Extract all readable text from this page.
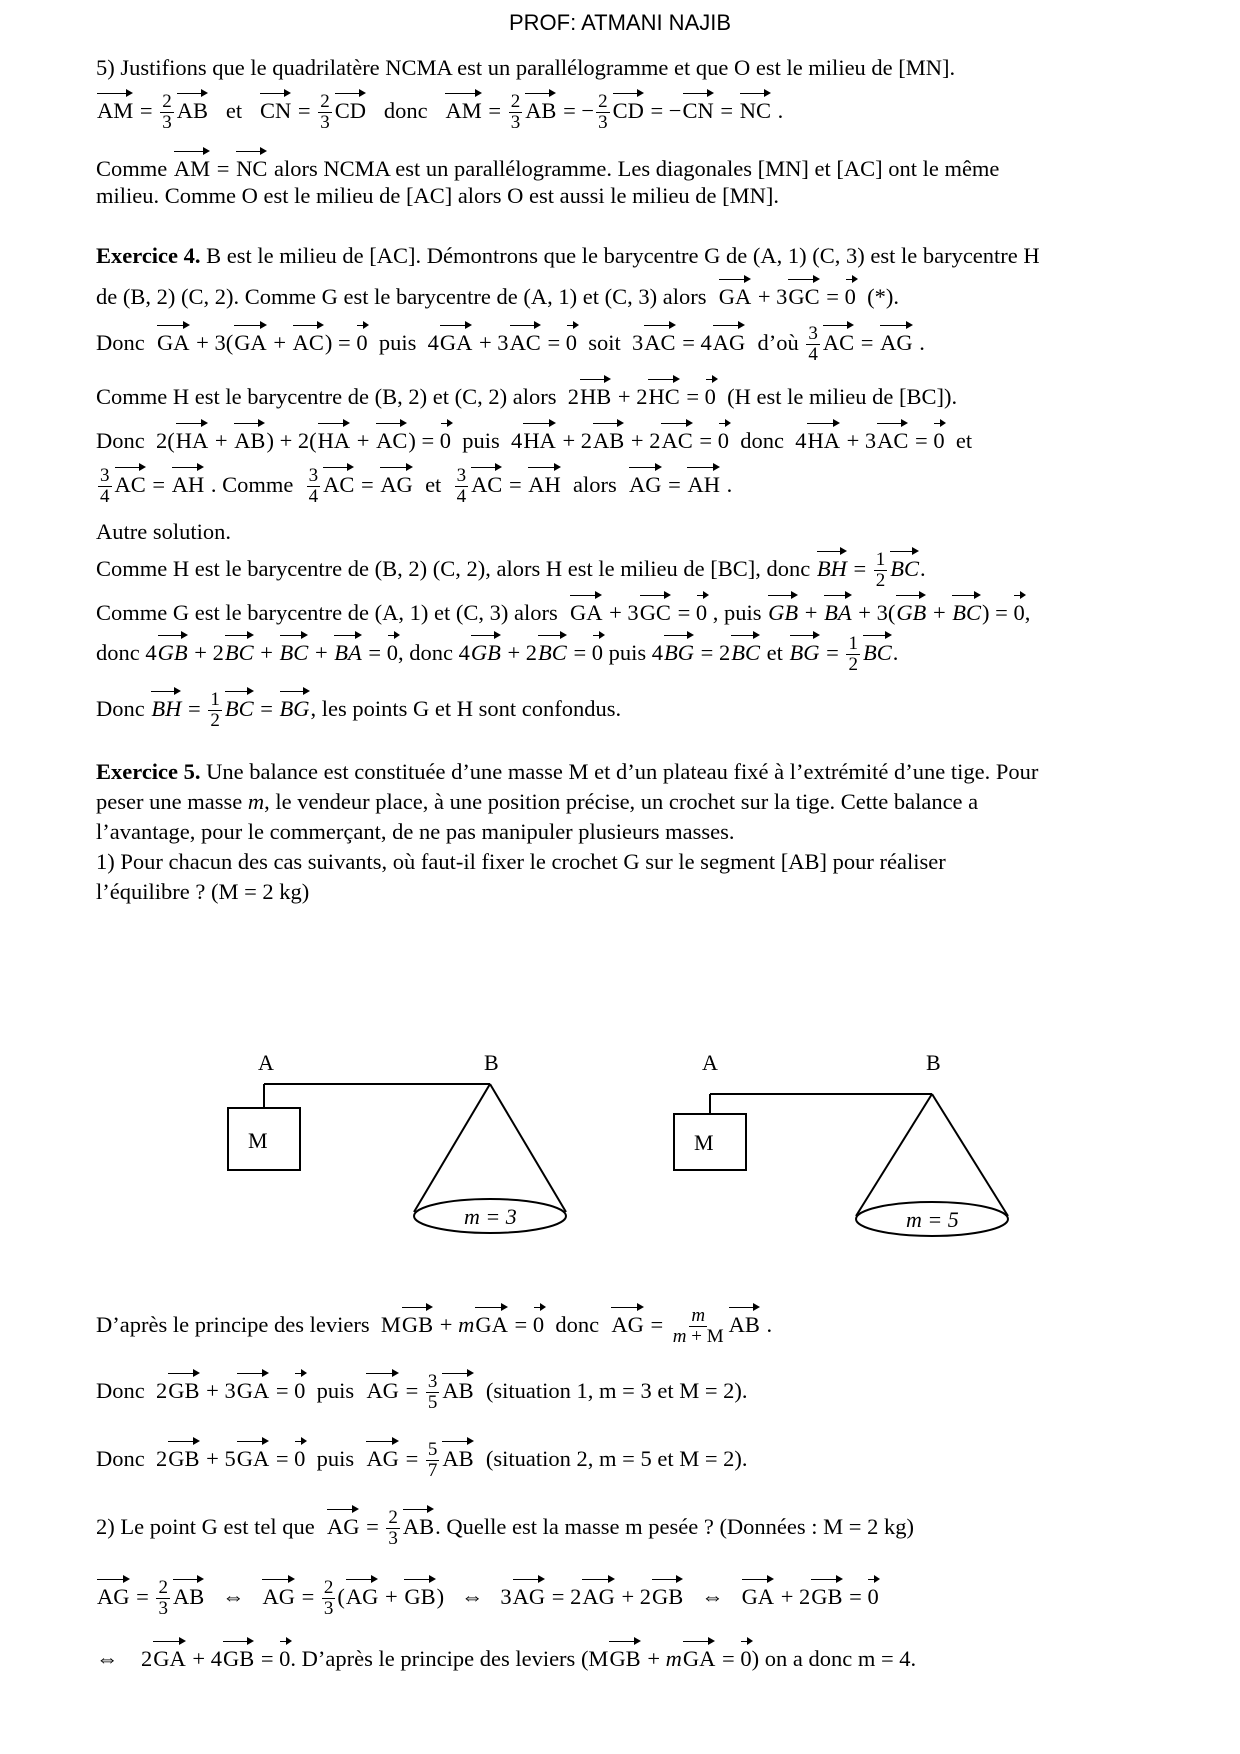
PROF: ATMANI NAJIB
5) Justifions que le quadrilatère NCMA est un parallélogramme et que O est le milieu de [MN].
AM = $\frac{2}{3}$ AB   et   CN = $\frac{2}{3}$ CD   donc   AM = $\frac{2}{3}$ AB = − $\frac{2}{3}$ CD = −CN = NC .
Comme AM = NC alors NCMA est un parallélogramme. Les diagonales [MN] et [AC] ont le même
milieu. Comme O est le milieu de [AC] alors O est aussi le milieu de [MN].
Exercice 4. B est le milieu de [AC]. Démontrons que le barycentre G de (A, 1) (C, 3) est le barycentre H
de (B, 2) (C, 2). Comme G est le barycentre de (A, 1) et (C, 3) alors GA + 3GC = 0 (*).
Donc  GA + 3(GA + AC) = 0  puis  4GA + 3AC = 0  soit  3AC = 4AG  d’où $\frac{3}{4}$ AC = AG .
Comme H est le barycentre de (B, 2) et (C, 2) alors  2HB + 2HC = 0 (H est le milieu de [BC]).
Donc  2(HA + AB) + 2(HA + AC) = 0  puis  4HA + 2AB + 2AC = 0  donc  4HA + 3AC = 0  et
$\frac{3}{4}$ AC = AH . Comme $\frac{3}{4}$ AC = AG  et $\frac{3}{4}$ AC = AH  alors  AG = AH .
Autre solution.
Comme H est le barycentre de (B, 2) (C, 2), alors H est le milieu de [BC], donc BH = $\frac{1}{2}$ BC.
Comme G est le barycentre de (A, 1) et (C, 3) alors GA + 3GC = 0 , puis GB + BA + 3(GB + BC) = 0,
donc 4GB + 2BC + BC + BA = 0, donc 4GB + 2BC = 0 puis 4BG = 2BC et BG = $\frac{1}{2}$ BC.
Donc BH = $\frac{1}{2}$ BC = BG, les points G et H sont confondus.
Exercice 5. Une balance est constituée d’une masse M et d’un plateau fixé à l’extrémité d’une tige. Pour
peser une masse m, le vendeur place, à une position précise, un crochet sur la tige. Cette balance a
l’avantage, pour le commerçant, de ne pas manipuler plusieurs masses.
1) Pour chacun des cas suivants, où faut-il fixer le crochet G sur le segment [AB] pour réaliser
l’équilibre ? (M = 2 kg)
A	B
M
m = 3
A	B
M
m = 5
D’après le principe des leviers  MGB + mGA = 0  donc  AG = $\frac{m}{m + M}$ AB .
Donc  2GB + 3GA = 0  puis  AG = $\frac{3}{5}$ AB (situation 1, m = 3 et M = 2).
Donc  2GB + 5GA = 0  puis  AG = $\frac{5}{7}$ AB (situation 2, m = 5 et M = 2).
2) Le point G est tel que AG = $\frac{2}{3}$ AB. Quelle est la masse m pesée ? (Données : M = 2 kg)
AG = $\frac{2}{3}$ AB   ⇔   AG = $\frac{2}{3} (AG + GB)$   ⇔   3AG = 2AG + 2GB   ⇔   GA + 2GB = 0
⇔    2GA + 4GB = 0. D’après le principe des leviers (MGB + mGA = 0) on a donc m = 4.
